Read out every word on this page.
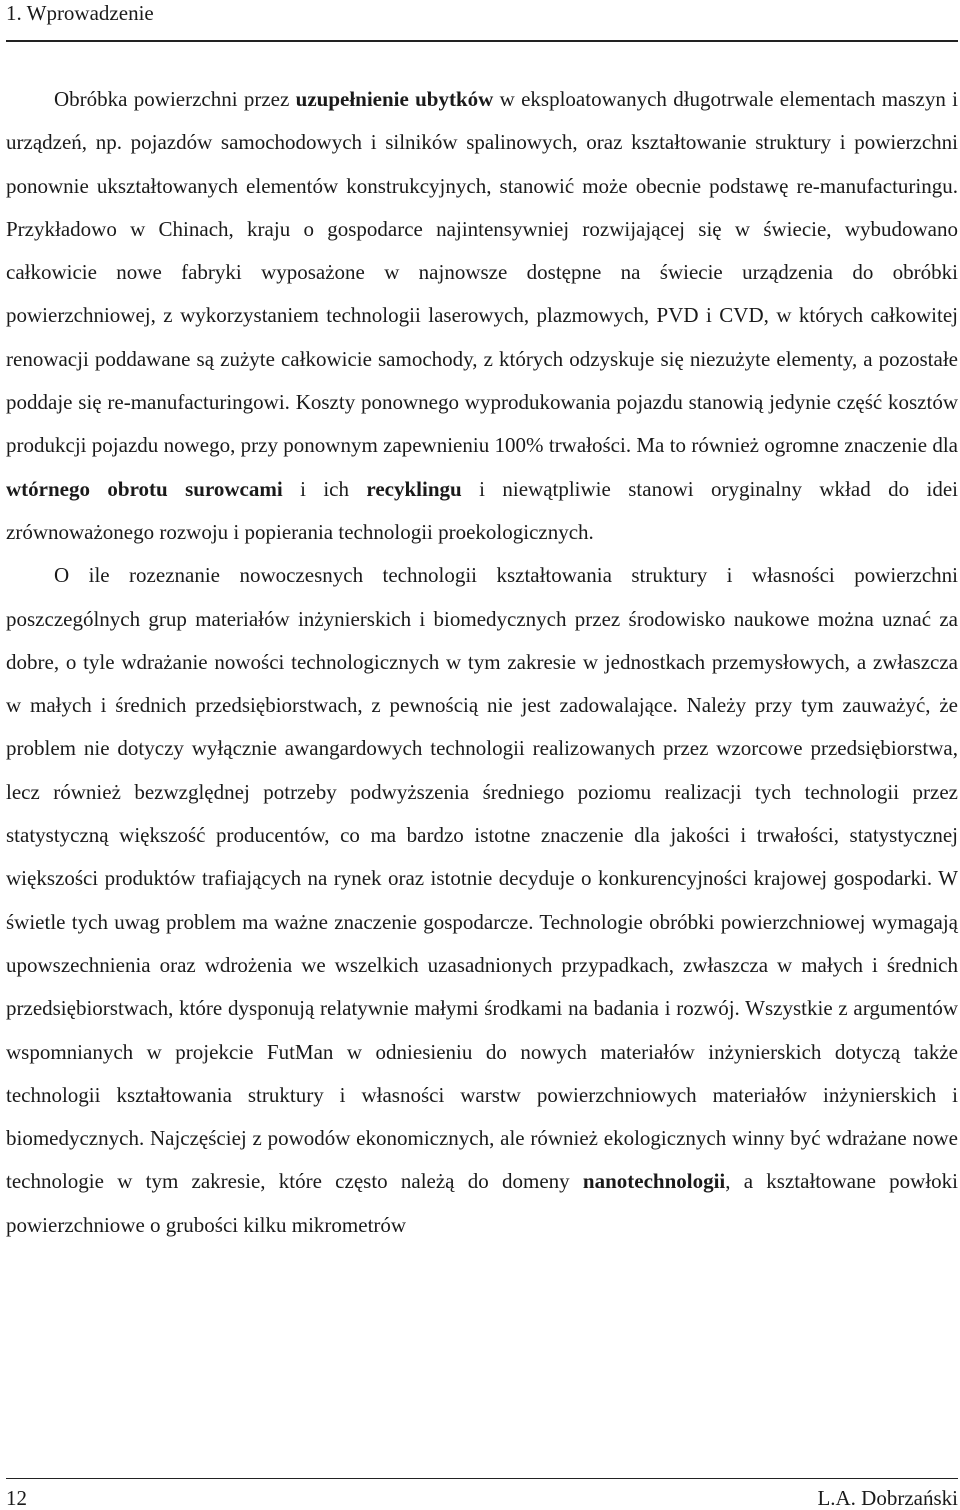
1. Wprowadzenie

Obróbka powierzchni przez uzupełnienie ubytków w eksploatowanych długotrwale elementach maszyn i urządzeń, np. pojazdów samochodowych i silników spalinowych, oraz kształtowanie struktury i powierzchni ponownie ukształtowanych elementów konstrukcyjnych, stanowić może obecnie podstawę re-manufacturingu. Przykładowo w Chinach, kraju o gospodarce najintensywniej rozwijającej się w świecie, wybudowano całkowicie nowe fabryki wyposażone w najnowsze dostępne na świecie urządzenia do obróbki powierzchniowej, z wykorzystaniem technologii laserowych, plazmowych, PVD i CVD, w których całkowitej renowacji poddawane są zużyte całkowicie samochody, z których odzyskuje się niezużyte elementy, a pozostałe poddaje się re-manufacturingowi. Koszty ponownego wyprodukowania pojazdu stanowią jedynie część kosztów produkcji pojazdu nowego, przy ponownym zapewnieniu 100% trwałości. Ma to również ogromne znaczenie dla wtórnego obrotu surowcami i ich recyklingu i niewątpliwie stanowi oryginalny wkład do idei zrównoważonego rozwoju i popierania technologii proekologicznych.

O ile rozeznanie nowoczesnych technologii kształtowania struktury i własności powierzchni poszczególnych grup materiałów inżynierskich i biomedycznych przez środowisko naukowe można uznać za dobre, o tyle wdrażanie nowości technologicznych w tym zakresie w jednostkach przemysłowych, a zwłaszcza w małych i średnich przedsiębiorstwach, z pewnością nie jest zadowalające. Należy przy tym zauważyć, że problem nie dotyczy wyłącznie awangardowych technologii realizowanych przez wzorcowe przedsiębiorstwa, lecz również bezwzględnej potrzeby podwyższenia średniego poziomu realizacji tych technologii przez statystyczną większość producentów, co ma bardzo istotne znaczenie dla jakości i trwałości, statystycznej większości produktów trafiających na rynek oraz istotnie decyduje o konkurencyjności krajowej gospodarki. W świetle tych uwag problem ma ważne znaczenie gospodarcze. Technologie obróbki powierzchniowej wymagają upowszechnienia oraz wdrożenia we wszelkich uzasadnionych przypadkach, zwłaszcza w małych i średnich przedsiębiorstwach, które dysponują relatywnie małymi środkami na badania i rozwój. Wszystkie z argumentów wspomnianych w projekcie FutMan w odniesieniu do nowych materiałów inżynierskich dotyczą także technologii kształtowania struktury i własności warstw powierzchniowych materiałów inżynierskich i biomedycznych. Najczęściej z powodów ekonomicznych, ale również ekologicznych winny być wdrażane nowe technologie w tym zakresie, które często należą do domeny nanotechnologii, a kształtowane powłoki powierzchniowe o grubości kilku mikrometrów

12	L.A. Dobrzański
